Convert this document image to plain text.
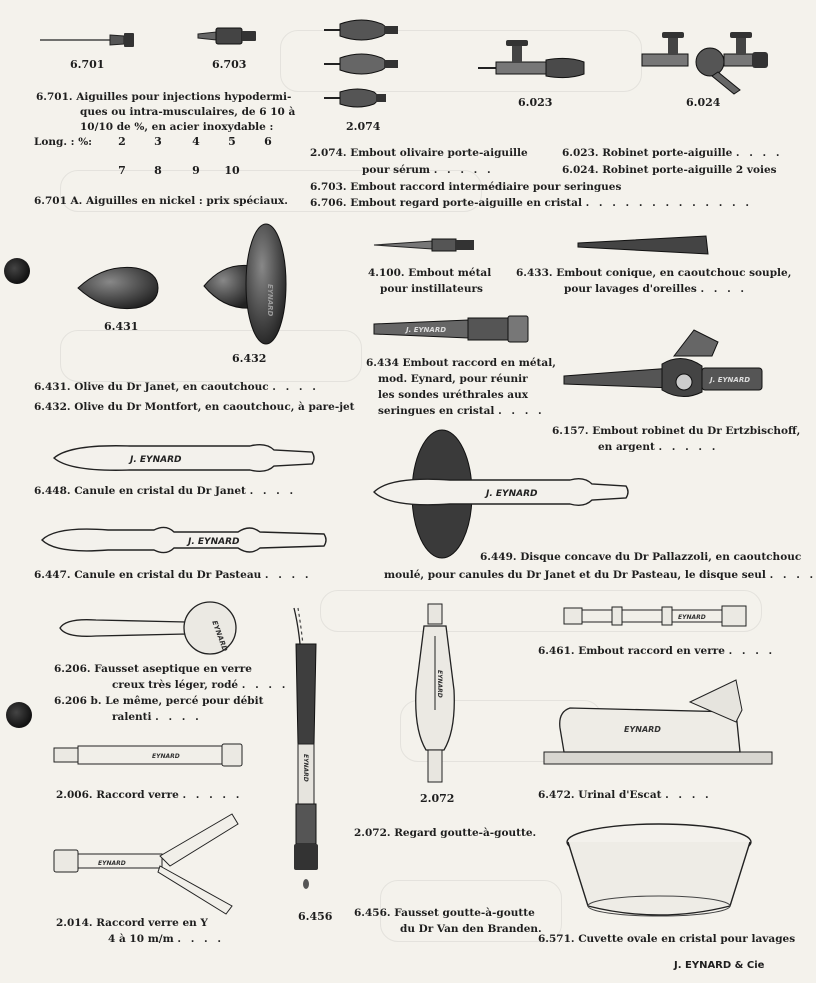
6.701	6.703
6.701. Aiguilles pour injections hypodermi-
ques ou intra-musculaires, de 6 10 à
10/10 de %, en acier inoxydable :
Long. : %:	2	3	4	5	6
7	8	9	10
6.701 A. Aiguilles en nickel : prix spéciaux.
2.074
6.023	6.024
2.074. Embout olivaire porte-aiguille
pour sérum . . . . .
6.703. Embout raccord intermédiaire pour seringues
6.706. Embout regard porte-aiguille en cristal . . . . . . . . . . . . .
6.023. Robinet porte-aiguille . . . .
6.024. Robinet porte-aiguille 2 voies
6.431
EYNARD
6.432
6.431. Olive du Dr Janet, en caoutchouc . . . .
6.432. Olive du Dr Montfort, en caoutchouc, à pare-jet
4.100. Embout métal
pour instillateurs
6.433. Embout conique, en caoutchouc souple,
pour lavages d'oreilles . . . .
J. EYNARD
6.434 Embout raccord en métal,
mod. Eynard, pour réunir
les sondes uréthrales aux
seringues en cristal . . . .
J. EYNARD
6.157. Embout robinet du Dr Ertzbischoff,
en argent . . . . .
J. EYNARD
6.448. Canule en cristal du Dr Janet . . . .
J. EYNARD
6.447. Canule en cristal du Dr Pasteau . . . .
J. EYNARD
6.449. Disque concave du Dr Pallazzoli, en caoutchouc
moulé, pour canules du Dr Janet et du Dr Pasteau, le disque seul . . . .
EYNARD
6.206. Fausset aseptique en verre
creux très léger, rodé . . . .
6.206 b. Le même, percé pour débit
ralenti . . . .
EYNARD
6.456
EYNARD
2.072
2.072. Regard goutte-à-goutte.
EYNARD
6.461. Embout raccord en verre . . . .
EYNARD
6.472. Urinal d'Escat . . . .
EYNARD
2.006. Raccord verre . . . . .
EYNARD
2.014. Raccord verre en Y
4 à 10 m/m . . . .
6.456. Fausset goutte-à-goutte
du Dr Van den Branden.
6.571. Cuvette ovale en cristal pour lavages
J. EYNARD & Cie
